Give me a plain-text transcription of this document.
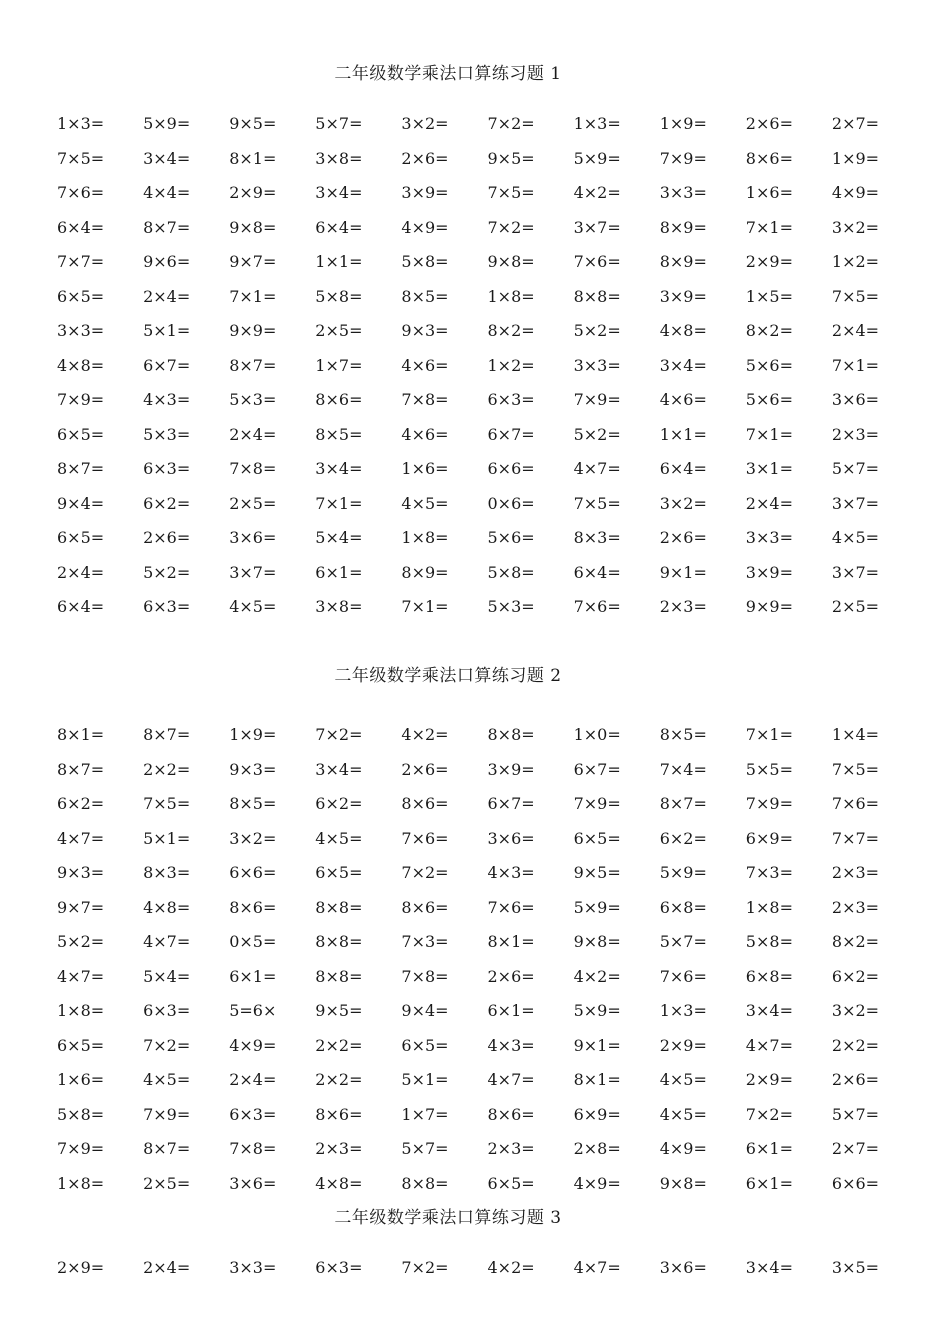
二年级数学乘法口算练习题 1
1×3=	5×9=	9×5=	5×7=	3×2=	7×2=	1×3=	1×9=	2×6=	2×7=
7×5=	3×4=	8×1=	3×8=	2×6=	9×5=	5×9=	7×9=	8×6=	1×9=
7×6=	4×4=	2×9=	3×4=	3×9=	7×5=	4×2=	3×3=	1×6=	4×9=
6×4=	8×7=	9×8=	6×4=	4×9=	7×2=	3×7=	8×9=	7×1=	3×2=
7×7=	9×6=	9×7=	1×1=	5×8=	9×8=	7×6=	8×9=	2×9=	1×2=
6×5=	2×4=	7×1=	5×8=	8×5=	1×8=	8×8=	3×9=	1×5=	7×5=
3×3=	5×1=	9×9=	2×5=	9×3=	8×2=	5×2=	4×8=	8×2=	2×4=
4×8=	6×7=	8×7=	1×7=	4×6=	1×2=	3×3=	3×4=	5×6=	7×1=
7×9=	4×3=	5×3=	8×6=	7×8=	6×3=	7×9=	4×6=	5×6=	3×6=
6×5=	5×3=	2×4=	8×5=	4×6=	6×7=	5×2=	1×1=	7×1=	2×3=
8×7=	6×3=	7×8=	3×4=	1×6=	6×6=	4×7=	6×4=	3×1=	5×7=
9×4=	6×2=	2×5=	7×1=	4×5=	0×6=	7×5=	3×2=	2×4=	3×7=
6×5=	2×6=	3×6=	5×4=	1×8=	5×6=	8×3=	2×6=	3×3=	4×5=
2×4=	5×2=	3×7=	6×1=	8×9=	5×8=	6×4=	9×1=	3×9=	3×7=
6×4=	6×3=	4×5=	3×8=	7×1=	5×3=	7×6=	2×3=	9×9=	2×5=
二年级数学乘法口算练习题 2
8×1=	8×7=	1×9=	7×2=	4×2=	8×8=	1×0=	8×5=	7×1=	1×4=
8×7=	2×2=	9×3=	3×4=	2×6=	3×9=	6×7=	7×4=	5×5=	7×5=
6×2=	7×5=	8×5=	6×2=	8×6=	6×7=	7×9=	8×7=	7×9=	7×6=
4×7=	5×1=	3×2=	4×5=	7×6=	3×6=	6×5=	6×2=	6×9=	7×7=
9×3=	8×3=	6×6=	6×5=	7×2=	4×3=	9×5=	5×9=	7×3=	2×3=
9×7=	4×8=	8×6=	8×8=	8×6=	7×6=	5×9=	6×8=	1×8=	2×3=
5×2=	4×7=	0×5=	8×8=	7×3=	8×1=	9×8=	5×7=	5×8=	8×2=
4×7=	5×4=	6×1=	8×8=	7×8=	2×6=	4×2=	7×6=	6×8=	6×2=
1×8=	6×3=	5=6×	9×5=	9×4=	6×1=	5×9=	1×3=	3×4=	3×2=
6×5=	7×2=	4×9=	2×2=	6×5=	4×3=	9×1=	2×9=	4×7=	2×2=
1×6=	4×5=	2×4=	2×2=	5×1=	4×7=	8×1=	4×5=	2×9=	2×6=
5×8=	7×9=	6×3=	8×6=	1×7=	8×6=	6×9=	4×5=	7×2=	5×7=
7×9=	8×7=	7×8=	2×3=	5×7=	2×3=	2×8=	4×9=	6×1=	2×7=
1×8=	2×5=	3×6=	4×8=	8×8=	6×5=	4×9=	9×8=	6×1=	6×6=
二年级数学乘法口算练习题 3
2×9=	2×4=	3×3=	6×3=	7×2=	4×2=	4×7=	3×6=	3×4=	3×5=
